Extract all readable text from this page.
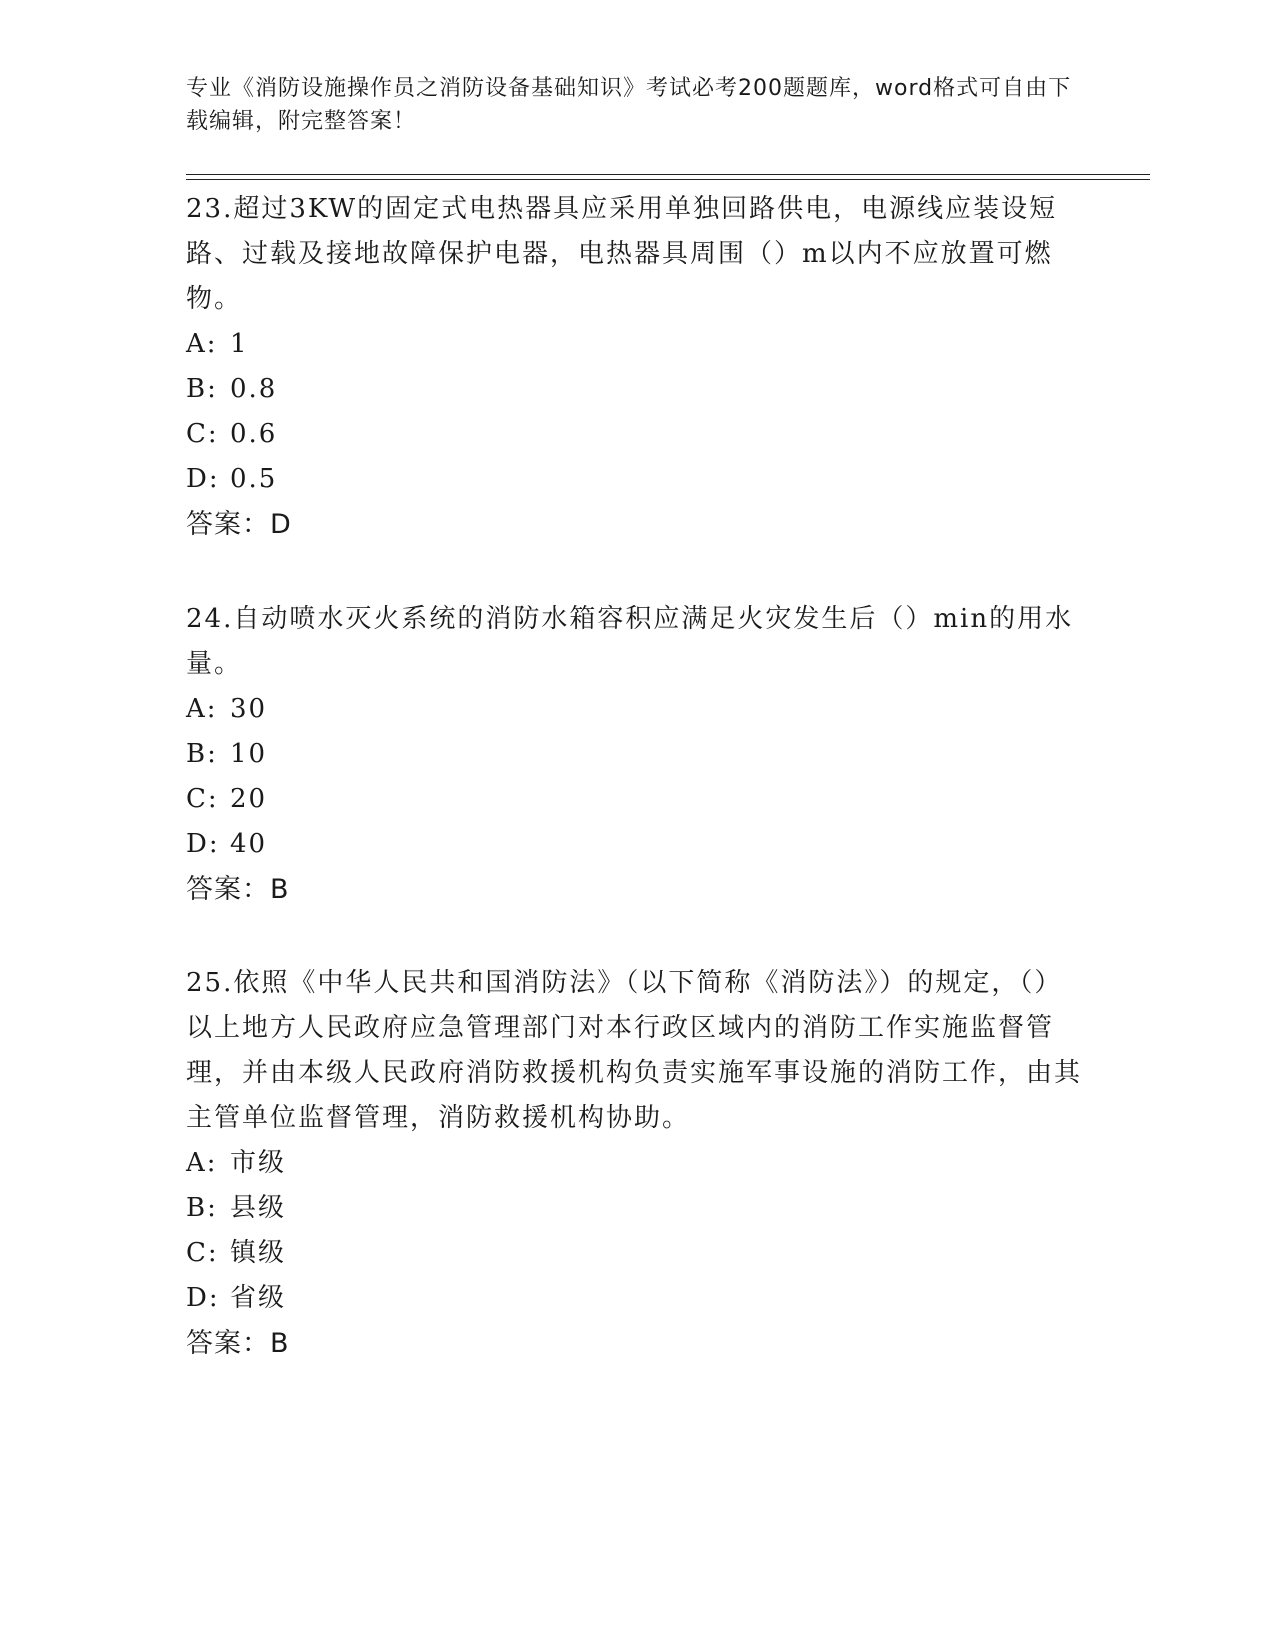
专业《消防设施操作员之消防设备基础知识》考试必考200题题库，word格式可自由下载编辑，附完整答案！

23.超过3KW的固定式电热器具应采用单独回路供电，电源线应装设短路、过载及接地故障保护电器，电热器具周围（）m以内不应放置可燃物。

A: 1
B: 0.8
C: 0.6
D: 0.5

答案：D

24.自动喷水灭火系统的消防水箱容积应满足火灾发生后（）min的用水量。

A: 30
B: 10
C: 20
D: 40

答案：B

25.依照《中华人民共和国消防法》（以下简称《消防法》）的规定，（）以上地方人民政府应急管理部门对本行政区域内的消防工作实施监督管理，并由本级人民政府消防救援机构负责实施军事设施的消防工作，由其主管单位监督管理，消防救援机构协助。

A: 市级
B: 县级
C: 镇级
D: 省级

答案：B
